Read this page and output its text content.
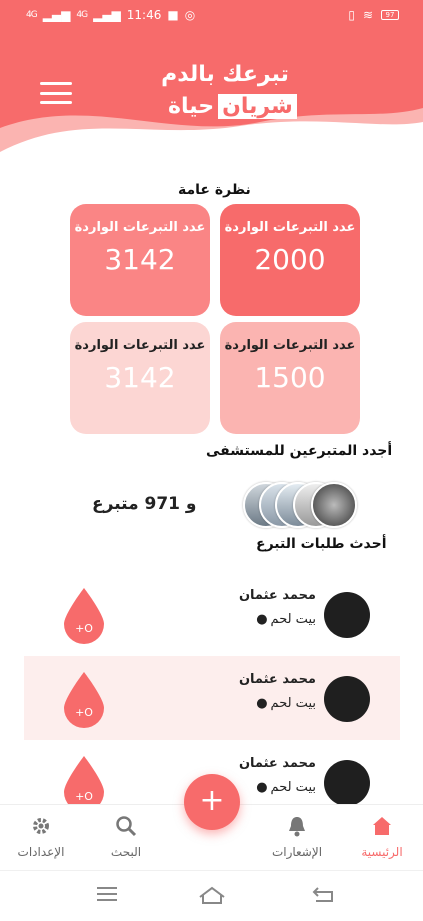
4G ▂▄▆ 4G ▂▄▆ 11:46 ■ ◎	▯ ≋	97
تبرعك بالدم
شريان
حياة
نظرة عامة
عدد التبرعات الواردة
2000
عدد التبرعات الواردة
3142
عدد التبرعات الواردة
1500
عدد التبرعات الواردة
3142
أجدد المتبرعين للمستشفى
و 971 متبرع
أحدث طلبات التبرع
محمد عثمان
بيت لحم
●
+O
محمد عثمان
بيت لحم
●
+O
محمد عثمان
بيت لحم
●
+O
الرئيسية
الإشعارات
البحث
الإعدادات
+
